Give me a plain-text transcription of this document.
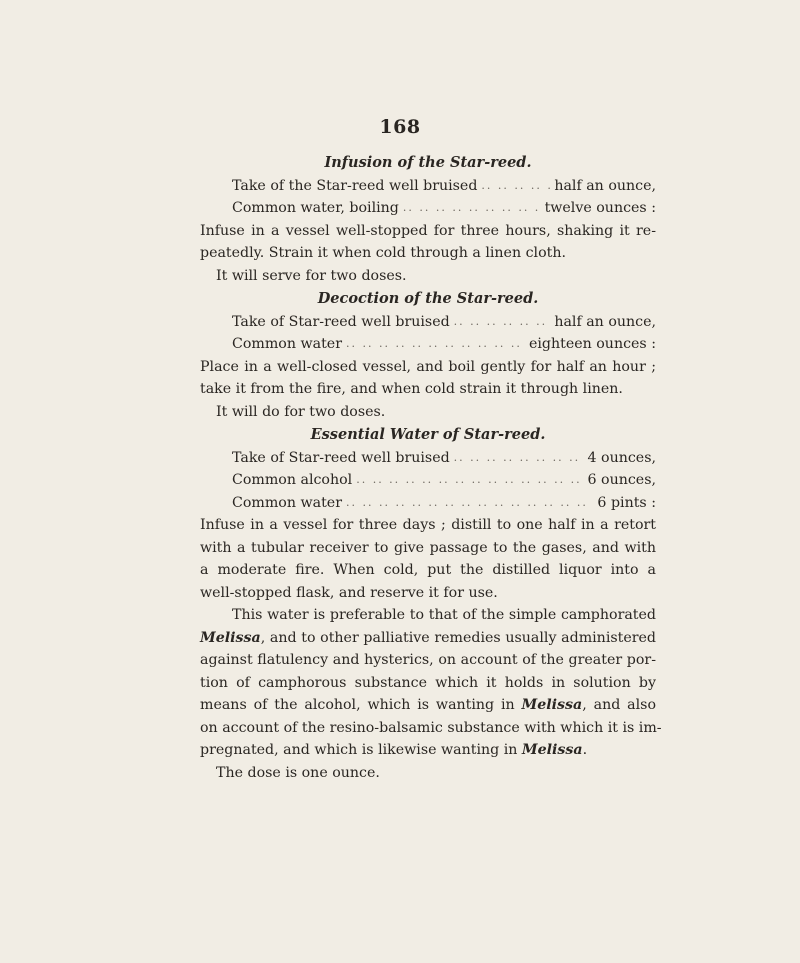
168

Infusion of the Star-reed.

Take of the Star-reed well bruised .. ..	half an ounce,
Common water, boiling .. ..	twelve ounces :
Infuse in a vessel well-stopped for three hours, shaking it re-
peatedly. Strain it when cold through a linen cloth.
It will serve for two doses.

Decoction of the Star-reed.

Take of Star-reed well bruised .. ..	half an ounce,
Common water .. ..	eighteen ounces :
Place in a well-closed vessel, and boil gently for half an hour ;
take it from the fire, and when cold strain it through linen.
It will do for two doses.

Essential Water of Star-reed.

Take of Star-reed well bruised .. ..	4 ounces,
Common alcohol .. ..	6 ounces,
Common water .. ..	6 pints :
Infuse in a vessel for three days ; distill to one half in a retort
with a tubular receiver to give passage to the gases, and with
a moderate fire. When cold, put the distilled liquor into a
well-stopped flask, and reserve it for use.
This water is preferable to that of the simple camphorated
Melissa, and to other palliative remedies usually administered
against flatulency and hysterics, on account of the greater por-
tion of camphorous substance which it holds in solution by
means of the alcohol, which is wanting in Melissa, and also
on account of the resino-balsamic substance with which it is im-
pregnated, and which is likewise wanting in Melissa.
The dose is one ounce.
